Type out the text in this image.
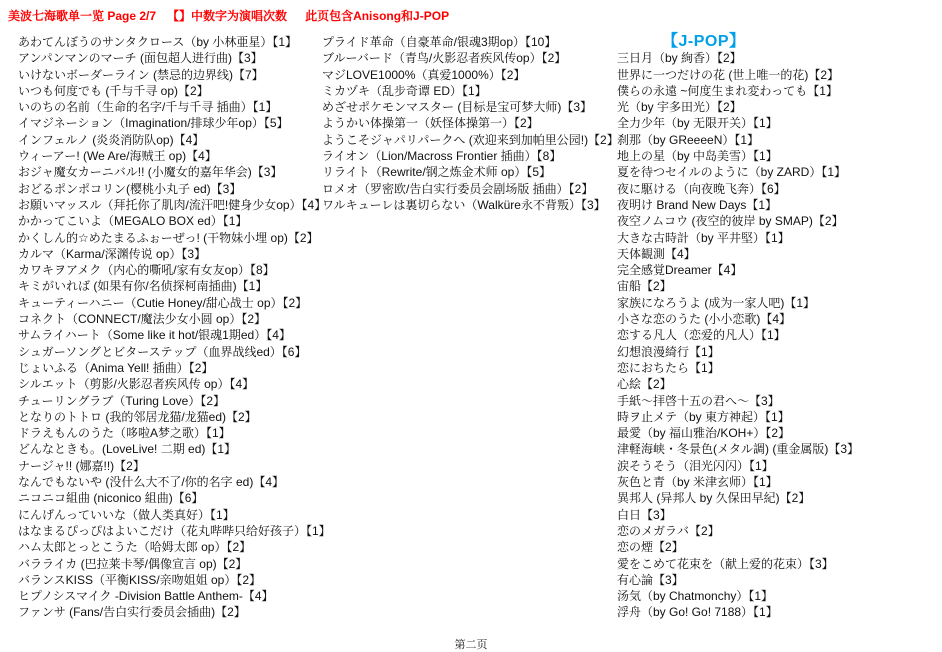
美波七海歌单一览 Page 2/7 【】中数字为演唱次数 此页包含Anisong和J-POP
あわてんぼうのサンタクロース（by 小林亜星）【1】
アンパンマンのマーチ (面包超人进行曲)【3】
いけないボーダーライン (禁忌的边界线)【7】
いつも何度でも (千与千寻 op)【2】
いのちの名前（生命的名字/千与千寻 插曲）【1】
イマジネーション（Imagination/排球少年op）【5】
インフェルノ (炎炎消防队op)【4】
ウィーアー! (We Are/海贼王 op)【4】
おジャ魔女カーニバル!! (小魔女的嘉年华会)【3】
おどるポンポコリン(樱桃小丸子 ed)【3】
お願いマッスル（拜托你了肌肉/流汗吧!健身少女op）【4】
かかってこいよ（MEGALO BOX ed）【1】
かくしん的☆めたまるふぉーぜっ! (干物妹小埋 op)【2】
カルマ（Karma/深渊传说 op）【3】
カワキヲアメク（内心的嘶吼/家有女友op）【8】
キミがいれば (如果有你/名侦探柯南插曲)【1】
キューティーハニー（Cutie Honey/甜心战士 op）【2】
コネクト（CONNECT/魔法少女小圆 op）【2】
サムライハート（Some like it hot/银魂1期ed）【4】
シュガーソングとビターステップ（血界战线ed）【6】
じょいふる（Anima Yell! 插曲）【2】
シルエット（剪影/火影忍者疾风传 op）【4】
チューリングラブ（Turing Love）【2】
となりのトトロ (我的邻居龙猫/龙猫ed)【2】
ドラえもんのうた（哆啦A梦之歌）【1】
どんなときも。(LoveLive! 二期 ed)【1】
ナージャ!! (娜嘉!!)【2】
なんでもないや (没什么大不了/你的名字 ed)【4】
ニコニコ組曲 (niconico 組曲)【6】
にんげんっていいな（做人类真好）【1】
はなまるぴっぴはよいこだけ（花丸哔哔只给好孩子）【1】
ハム太郎とっとこうた（哈姆太郎 op）【2】
バラライカ (巴拉莱卡琴/偶像宣言 op)【2】
バランスKISS（平衡KISS/亲吻姐姐 op）【2】
ヒプノシスマイク -Division Battle Anthem-【4】
ファンサ (Fans/告白实行委员会插曲)【2】
プライド革命（自豪革命/银魂3期op）【10】
ブルーバード（青鸟/火影忍者疾风传op）【2】
マジLOVE1000%（真爱1000%）【2】
ミカヅキ（乱步奇谭 ED）【1】
めざせポケモンマスター (目标是宝可梦大师)【3】
ようかい体操第一（妖怪体操第一）【2】
ようこそジャパリパークへ (欢迎来到加帕里公园!)【2】
ライオン（Lion/Macross Frontier 插曲）【8】
リライト（Rewrite/钢之炼金术师 op）【5】
ロメオ（罗密欧/告白实行委员会剧场版 插曲）【2】
ワルキューレは裏切らない（Walküre永不背叛）【3】
【J-POP】
三日月（by 絢香）【2】
世界に一つだけの花 (世上唯一的花)【2】
僕らの永遠 ~何度生まれ変わっても【1】
光（by 宇多田光）【2】
全力少年（by 无限开关）【1】
刹那（by GReeeeN）【1】
地上の星（by 中岛美雪）【1】
夏を待つセイルのように（by ZARD）【1】
夜に駆ける（向夜晚飞奔）【6】
夜明け Brand New Days【1】
夜空ノムコウ (夜空的彼岸 by SMAP)【2】
大きな古時計（by 平井堅）【1】
天体観測【4】
完全感覚Dreamer【4】
宙船【2】
家族になろうよ (成为一家人吧)【1】
小さな恋のうた (小小恋歌)【4】
恋する凡人（恋爱的凡人）【1】
幻想浪漫綺行【1】
恋におちたら【1】
心絵【2】
手紙～拝啓十五の君へ～【3】
時ヲ止メテ（by 東方神起）【1】
最愛（by 福山雅治/KOH+）【2】
津軽海峡・冬景色(メタル調) (重金属版)【3】
涙そうそう（泪光闪闪）【1】
灰色と青（by 米津玄师）【1】
異邦人 (异邦人 by 久保田早紀)【2】
白日【3】
恋のメガラバ【2】
恋の煙【2】
愛をこめて花束を（献上爱的花束）【3】
有心論【3】
汤気（by Chatmonchy）【1】
浮舟（by Go! Go! 7188）【1】
第二页
